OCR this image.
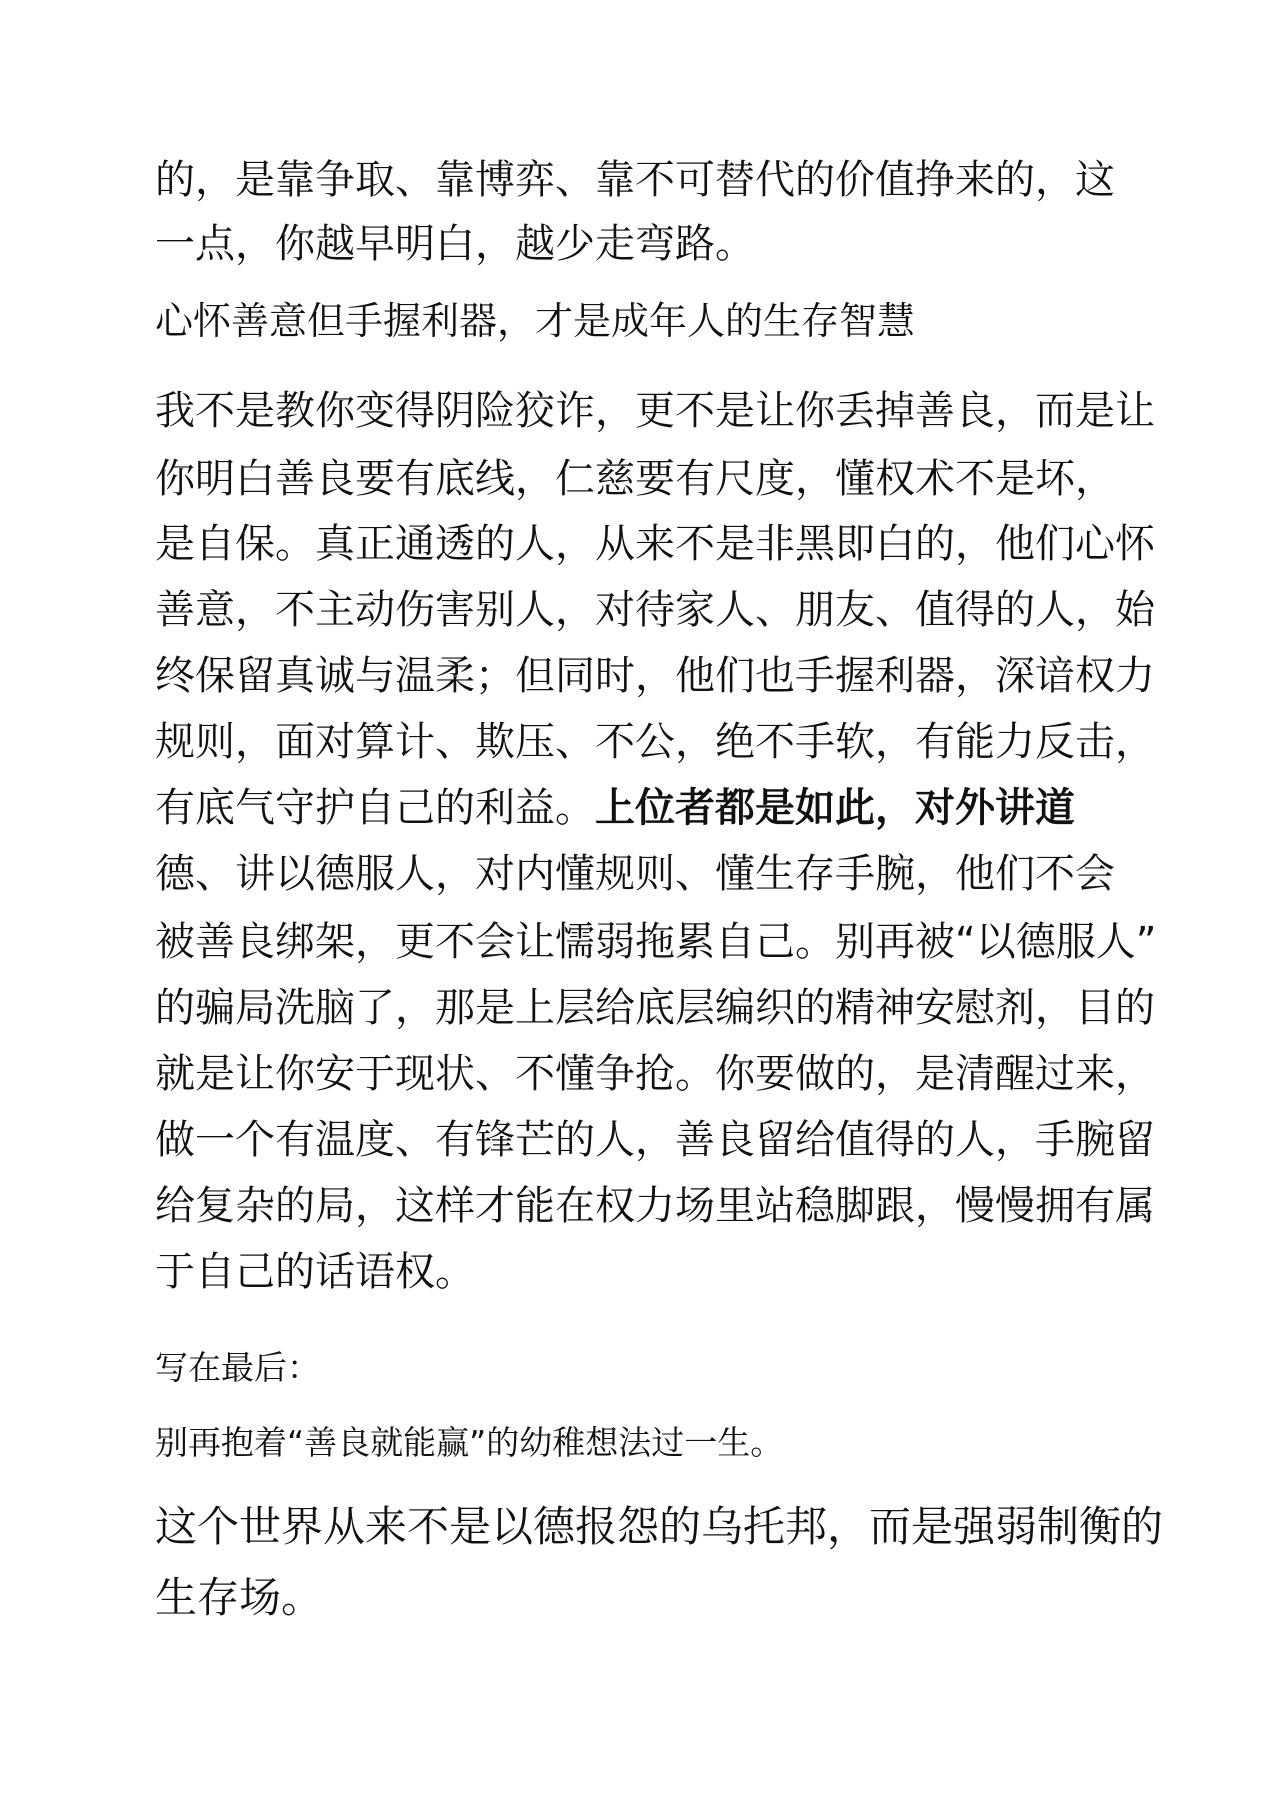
的，是靠争取、靠博弈、靠不可替代的价值挣来的，这

一点，你越早明白，越少走弯路。

心怀善意但手握利器，才是成年人的生存智慧

我不是教你变得阴险狡诈，更不是让你丢掉善良，而是让

你明白善良要有底线，仁慈要有尺度，懂权术不是坏，

是自保。真正通透的人，从来不是非黑即白的，他们心怀

善意，不主动伤害别人，对待家人、朋友、值得的人，始

终保留真诚与温柔；但同时，他们也手握利器，深谙权力

规则，面对算计、欺压、不公，绝不手软，有能力反击，

有底气守护自己的利益。上位者都是如此，对外讲道

德、讲以德服人，对内懂规则、懂生存手腕，他们不会

被善良绑架，更不会让懦弱拖累自己。别再被“以德服人”

的骗局洗脑了，那是上层给底层编织的精神安慰剂，目的

就是让你安于现状、不懂争抢。你要做的，是清醒过来，

做一个有温度、有锋芒的人，善良留给值得的人，手腕留

给复杂的局，这样才能在权力场里站稳脚跟，慢慢拥有属

于自己的话语权。

写在最后：

别再抱着“善良就能赢”的幼稚想法过一生。

这个世界从来不是以德报怨的乌托邦，而是强弱制衡的

生存场。
